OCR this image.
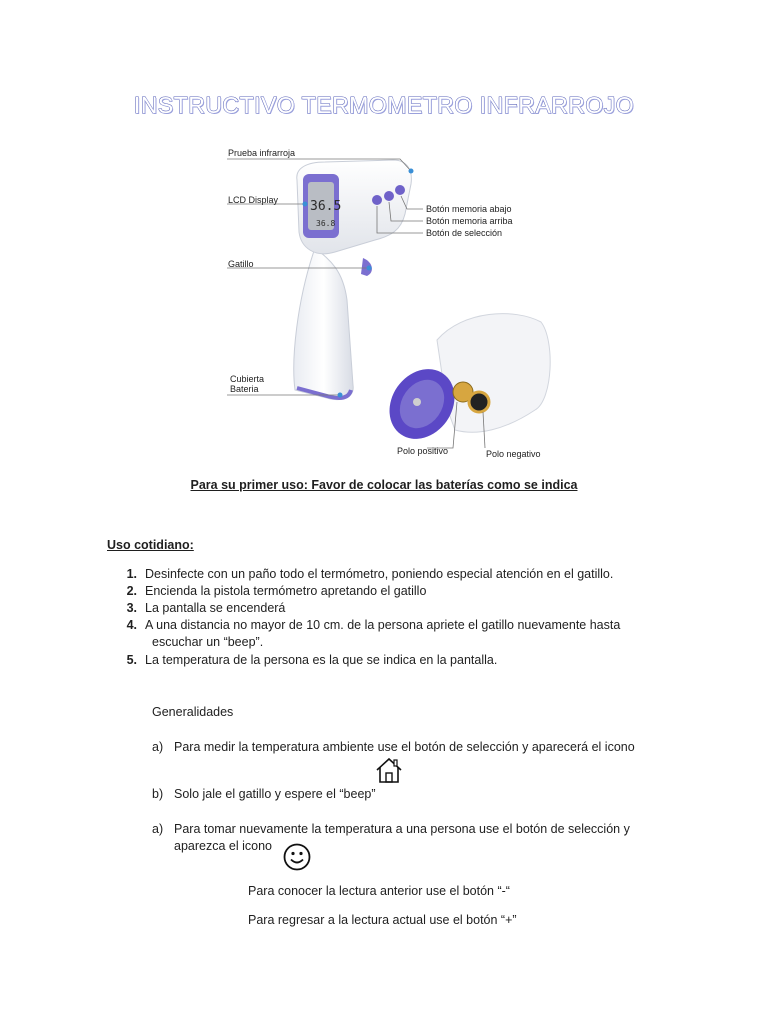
INSTRUCTIVO TERMOMETRO INFRARROJO
36.5
36.8
Prueba infrarroja
LCD Display
Gatillo
Cubierta
Bateria
Botón memoria abajo
Botón memoria arriba
Botón de selección
Polo positivo	Polo negativo
Para su primer uso: Favor de colocar las baterías como se indica
Uso cotidiano:
1. Desinfecte con un paño todo el termómetro, poniendo especial atención en el gatillo.
2. Encienda la pistola termómetro apretando el gatillo
3. La pantalla se encenderá
4. A una distancia no mayor de 10 cm. de la persona apriete el gatillo nuevamente hasta
escuchar un “beep”.
5. La temperatura de la persona es la que se indica en la pantalla.
Generalidades
a) Para medir la temperatura ambiente use el botón de selección y aparecerá el icono
b) Solo jale el gatillo y espere el “beep”
a) Para tomar nuevamente la temperatura a una persona use el botón de selección y
aparezca el icono
Para conocer la lectura anterior use el botón “-“
Para regresar a la lectura actual use el botón “+”
